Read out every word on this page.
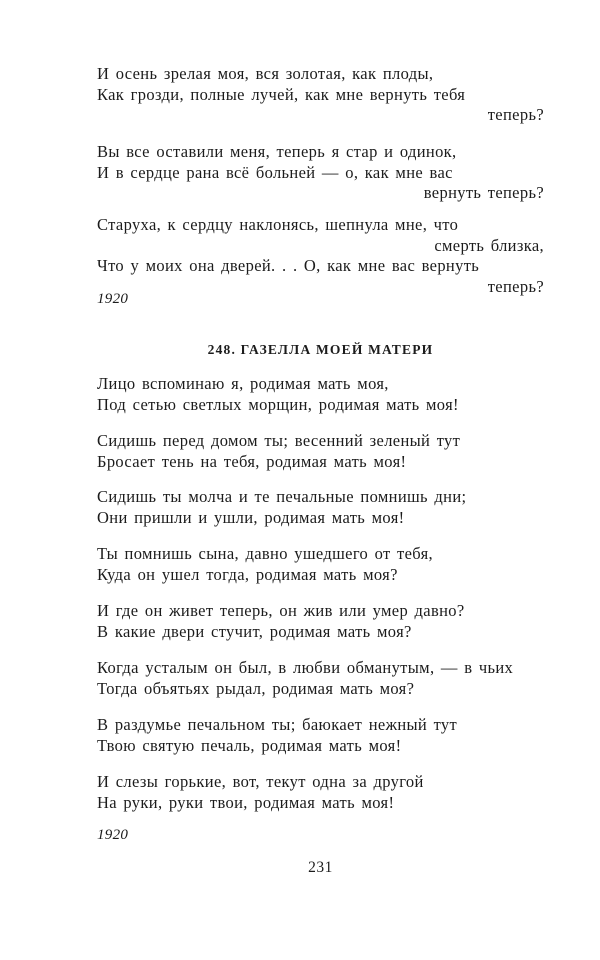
И осень зрелая моя, вся золотая, как плоды,
Как грозди, полные лучей, как мне вернуть тебя
теперь?
Вы все оставили меня, теперь я стар и одинок,
И в сердце рана всё больней — о, как мне вас
вернуть теперь?
Старуха, к сердцу наклонясь, шепнула мне, что
смерть близка,
Что у моих она дверей. . . О, как мне вас вернуть
теперь?
1920
248. ГАЗЕЛЛА МОЕЙ МАТЕРИ
Лицо вспоминаю я, родимая мать моя,
Под сетью светлых морщин, родимая мать моя!
Сидишь перед домом ты; весенний зеленый тут
Бросает тень на тебя, родимая мать моя!
Сидишь ты молча и те печальные помнишь дни;
Они пришли и ушли, родимая мать моя!
Ты помнишь сына, давно ушедшего от тебя,
Куда он ушел тогда, родимая мать моя?
И где он живет теперь, он жив или умер давно?
В какие двери стучит, родимая мать моя?
Когда усталым он был, в любви обманутым, — в чьих
Тогда объятьях рыдал, родимая мать моя?
В раздумье печальном ты; баюкает нежный тут
Твою святую печаль, родимая мать моя!
И слезы горькие, вот, текут одна за другой
На руки, руки твои, родимая мать моя!
1920
231
